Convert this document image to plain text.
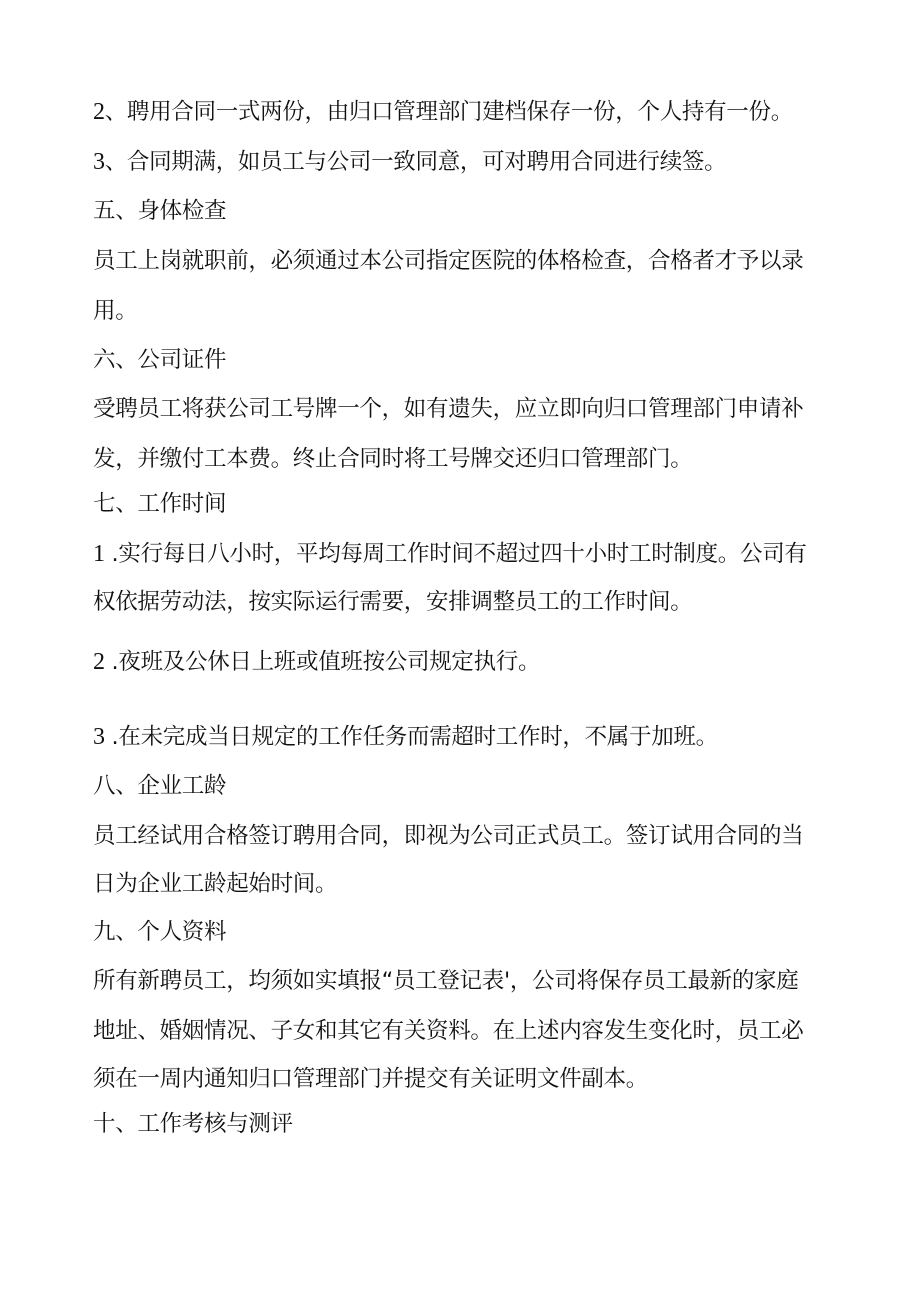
2、聘用合同一式两份，由归口管理部门建档保存一份，个人持有一份。
3、合同期满，如员工与公司一致同意，可对聘用合同进行续签。
五、身体检查
员工上岗就职前，必须通过本公司指定医院的体格检查，合格者才予以录
用。
六、公司证件
受聘员工将获公司工号牌一个，如有遗失，应立即向归口管理部门申请补
发，并缴付工本费。终止合同时将工号牌交还归口管理部门。
七、工作时间
1 .实行每日八小时，平均每周工作时间不超过四十小时工时制度。公司有
权依据劳动法，按实际运行需要，安排调整员工的工作时间。
2 .夜班及公休日上班或值班按公司规定执行。
3 .在未完成当日规定的工作任务而需超时工作时，不属于加班。
八、企业工龄
员工经试用合格签订聘用合同，即视为公司正式员工。签订试用合同的当
日为企业工龄起始时间。
九、个人资料
所有新聘员工，均须如实填报“员工登记表'，公司将保存员工最新的家庭
地址、婚姻情况、子女和其它有关资料。在上述内容发生变化时，员工必
须在一周内通知归口管理部门并提交有关证明文件副本。
十、工作考核与测评
